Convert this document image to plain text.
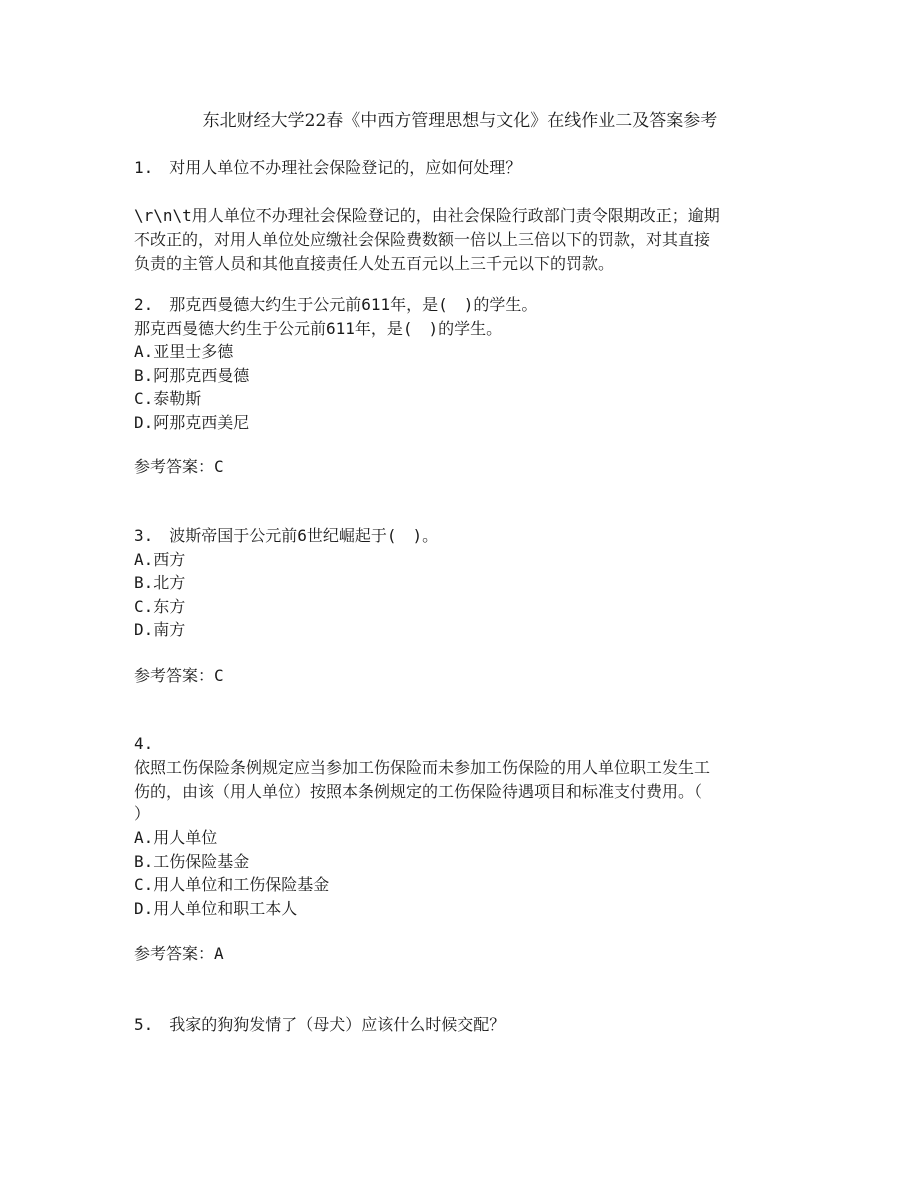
东北财经大学22春《中西方管理思想与文化》在线作业二及答案参考
1.　对用人单位不办理社会保险登记的，应如何处理？
\r\n\t用人单位不办理社会保险登记的，由社会保险行政部门责令限期改正；逾期
不改正的，对用人单位处应缴社会保险费数额一倍以上三倍以下的罚款，对其直接
负责的主管人员和其他直接责任人处五百元以上三千元以下的罚款。
2.　那克西曼德大约生于公元前611年，是(　)的学生。
那克西曼德大约生于公元前611年，是(　)的学生。
A.亚里士多德
B.阿那克西曼德
C.泰勒斯
D.阿那克西美尼
参考答案：C
3.　波斯帝国于公元前6世纪崛起于(　)。
A.西方
B.北方
C.东方
D.南方
参考答案：C
4.
依照工伤保险条例规定应当参加工伤保险而未参加工伤保险的用人单位职工发生工
伤的，由该（用人单位）按照本条例规定的工伤保险待遇项目和标准支付费用。（
）
A.用人单位
B.工伤保险基金
C.用人单位和工伤保险基金
D.用人单位和职工本人
参考答案：A
5.　我家的狗狗发情了（母犬）应该什么时候交配？
